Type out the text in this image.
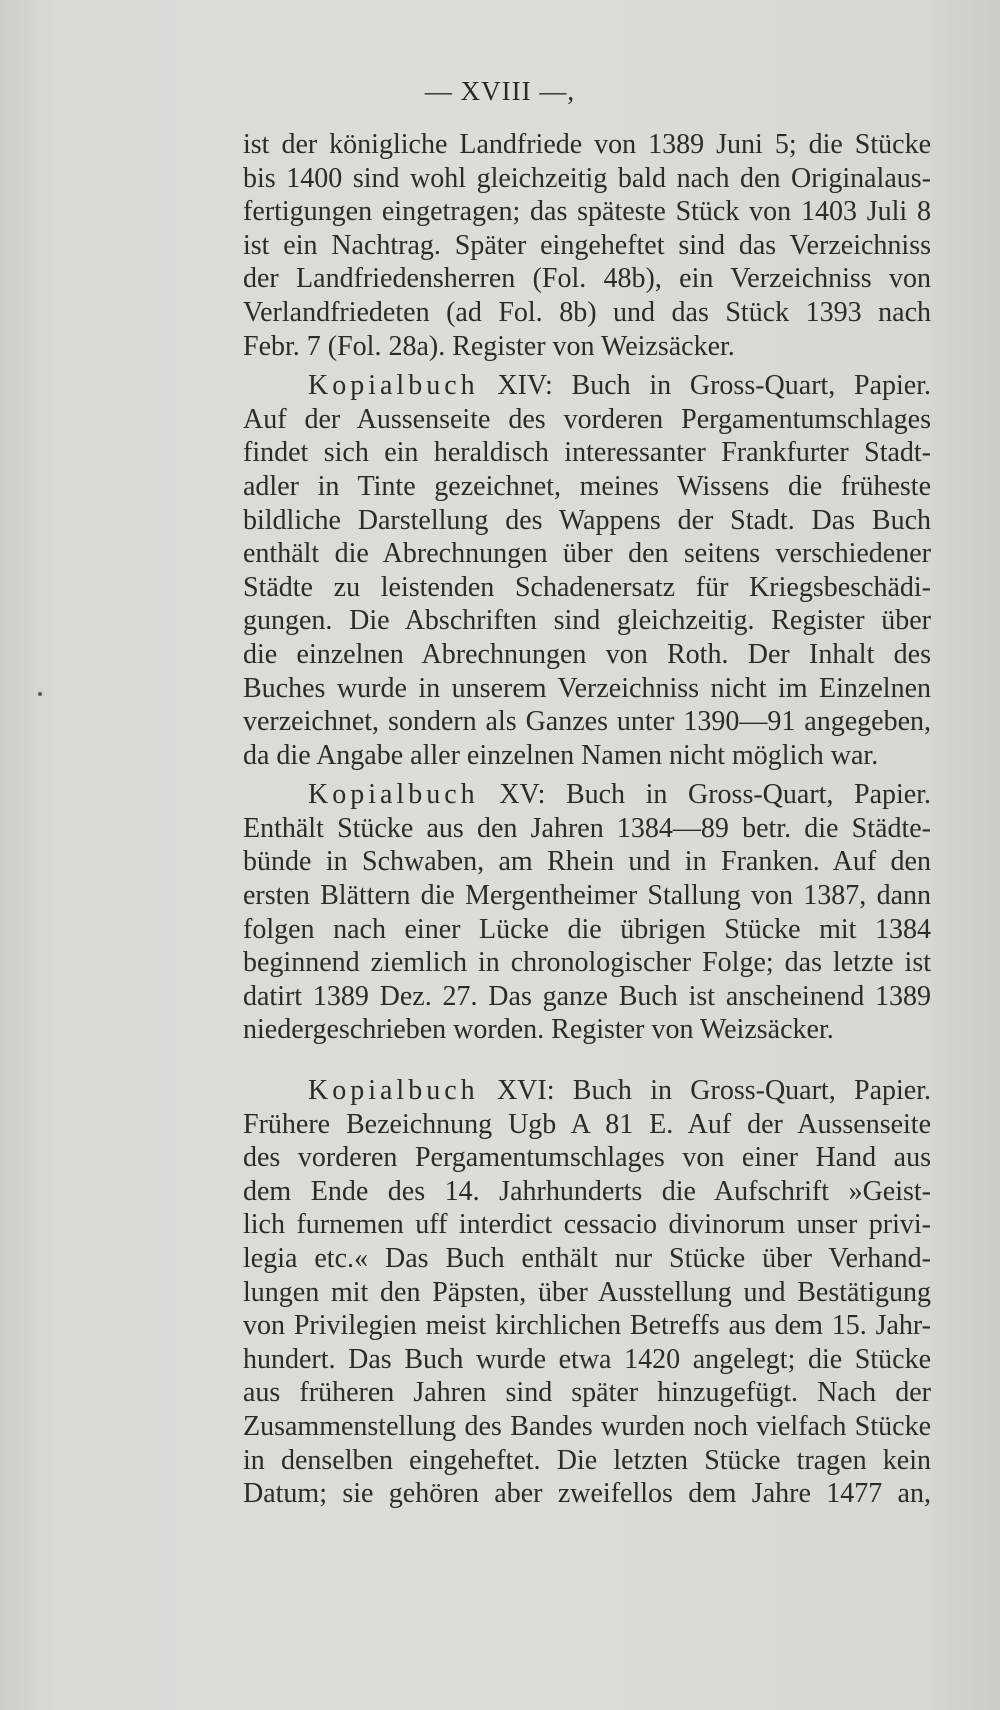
— XVIII —,
ist der königliche Landfriede von 1389 Juni 5; die Stücke
bis 1400 sind wohl gleichzeitig bald nach den Originalaus-
fertigungen eingetragen; das späteste Stück von 1403 Juli 8
ist ein Nachtrag. Später eingeheftet sind das Verzeichniss
der Landfriedensherren (Fol. 48b), ein Verzeichniss von
Verlandfriedeten (ad Fol. 8b) und das Stück 1393 nach
Febr. 7 (Fol. 28a). Register von Weizsäcker.
Kopialbuch XIV: Buch in Gross-Quart, Papier.
Auf der Aussenseite des vorderen Pergamentumschlages
findet sich ein heraldisch interessanter Frankfurter Stadt-
adler in Tinte gezeichnet, meines Wissens die früheste
bildliche Darstellung des Wappens der Stadt. Das Buch
enthält die Abrechnungen über den seitens verschiedener
Städte zu leistenden Schadenersatz für Kriegsbeschädi-
gungen. Die Abschriften sind gleichzeitig. Register über
die einzelnen Abrechnungen von Roth. Der Inhalt des
Buches wurde in unserem Verzeichniss nicht im Einzelnen
verzeichnet, sondern als Ganzes unter 1390—91 angegeben,
da die Angabe aller einzelnen Namen nicht möglich war.
Kopialbuch XV: Buch in Gross-Quart, Papier.
Enthält Stücke aus den Jahren 1384—89 betr. die Städte-
bünde in Schwaben, am Rhein und in Franken. Auf den
ersten Blättern die Mergentheimer Stallung von 1387, dann
folgen nach einer Lücke die übrigen Stücke mit 1384
beginnend ziemlich in chronologischer Folge; das letzte ist
datirt 1389 Dez. 27. Das ganze Buch ist anscheinend 1389
niedergeschrieben worden. Register von Weizsäcker.
Kopialbuch XVI: Buch in Gross-Quart, Papier.
Frühere Bezeichnung Ugb A 81 E. Auf der Aussenseite
des vorderen Pergamentumschlages von einer Hand aus
dem Ende des 14. Jahrhunderts die Aufschrift »Geist-
lich furnemen uff interdict cessacio divinorum unser privi-
legia etc.« Das Buch enthält nur Stücke über Verhand-
lungen mit den Päpsten, über Ausstellung und Bestätigung
von Privilegien meist kirchlichen Betreffs aus dem 15. Jahr-
hundert. Das Buch wurde etwa 1420 angelegt; die Stücke
aus früheren Jahren sind später hinzugefügt. Nach der
Zusammenstellung des Bandes wurden noch vielfach Stücke
in denselben eingeheftet. Die letzten Stücke tragen kein
Datum; sie gehören aber zweifellos dem Jahre 1477 an,
